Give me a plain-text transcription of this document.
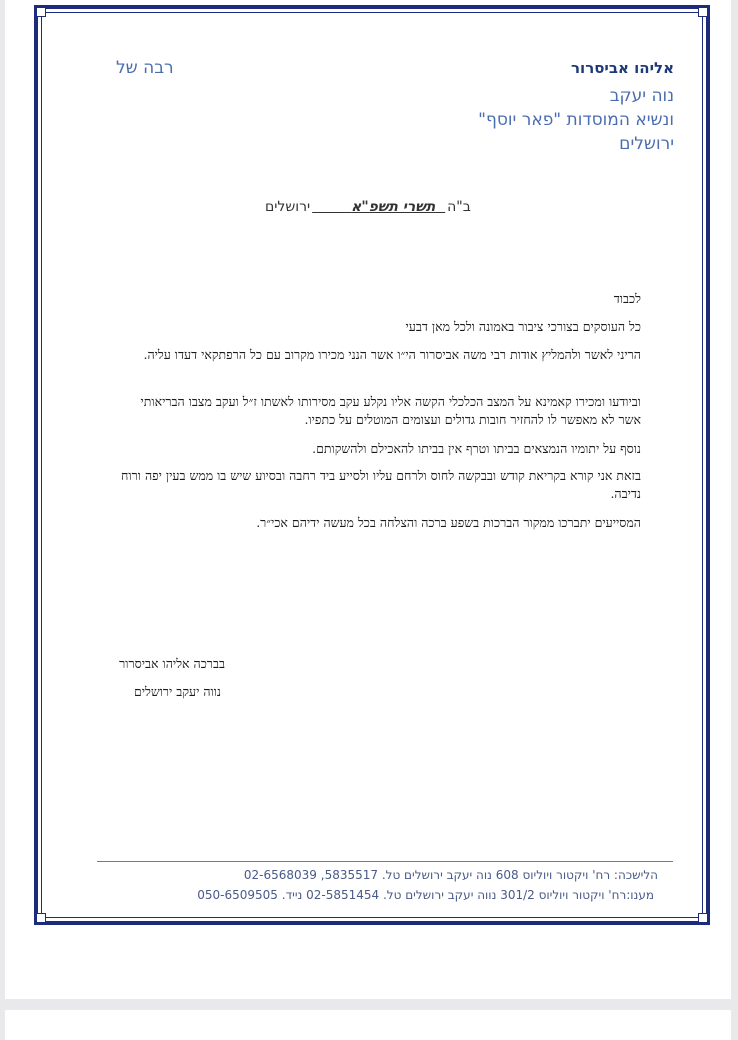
אליהו אביסרור
נוה יעקב
ונשיא המוסדות "פאר יוסף"
ירושלים
רבה של
ב"ה  תשרי תשפ"א        ירושלים
לכבוד
כל העוסקים בצורכי ציבור באמונה ולכל מאן דבעי
הריני לאשר ולהמליץ אודות רבי משה אביסרור הי״ו אשר הנני מכירו מקרוב עם כל הרפתקאי דעדו עליה.
וביודעו ומכירו קאמינא על המצב הכלכלי הקשה אליו נקלע עקב מסירותו לאשתו ז״ל ועקב מצבו הבריאותי אשר לא מאפשר לו להחזיר חובות גדולים ועצומים המוטלים על כתפיו.
נוסף על יתומיו הנמצאים בביתו וטרף אין בביתו להאכילם ולהשקותם.
בזאת אני קורא בקריאת קודש ובבקשה לחוס ולרחם עליו ולסייע ביד רחבה ובסיוע שיש בו ממש בעין יפה ורוח נדיבה.
המסייעים יתברכו ממקור הברכות בשפע ברכה והצלחה בכל מעשה ידיהם אכי״ר.
בברכה אליהו אביסרור
נווה יעקב ירושלים
הלישכה: רח' ויקטור ויוליוס 608 נוה יעקב ירושלים טל. 5835517, 02-6568039
מענו:רח' ויקטור ויוליוס 301/2 נווה יעקב ירושלים טל. 02-5851454 נייד. 050-6509505
